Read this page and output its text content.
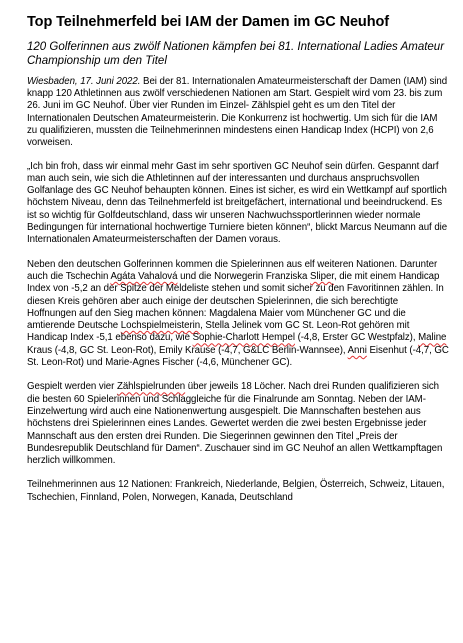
Top Teilnehmerfeld bei IAM der Damen im GC Neuhof

120 Golferinnen aus zwölf Nationen kämpfen bei 81. International Ladies Amateur Championship um den Titel

Wiesbaden, 17. Juni 2022. Bei der 81. Internationalen Amateurmeisterschaft der Damen (IAM) sind knapp 120 Athletinnen aus zwölf verschiedenen Nationen am Start. Gespielt wird vom 23. bis zum 26. Juni im GC Neuhof. Über vier Runden im Einzel- Zählspiel geht es um den Titel der Internationalen Deutschen Amateurmeisterin. Die Konkurrenz ist hochwertig. Um sich für die IAM zu qualifizieren, mussten die Teilnehmerinnen mindestens einen Handicap Index (HCPI) von 2,6 vorweisen.

„Ich bin froh, dass wir einmal mehr Gast im sehr sportiven GC Neuhof sein dürfen. Gespannt darf man auch sein, wie sich die Athletinnen auf der interessanten und durchaus anspruchsvollen Golfanlage des GC Neuhof behaupten können. Eines ist sicher, es wird ein Wettkampf auf sportlich höchstem Niveau, denn das Teilnehmerfeld ist breitgefächert, international und beeindruckend. Es ist so wichtig für Golfdeutschland, dass wir unseren Nachwuchssportlerinnen wieder normale Bedingungen für international hochwertige Turniere bieten können“, blickt Marcus Neumann auf die Internationalen Amateurmeisterschaften der Damen voraus.

Neben den deutschen Golferinnen kommen die Spielerinnen aus elf weiteren Nationen. Darunter auch die Tschechin Agáta Vahalová und die Norwegerin Franziska Sliper, die mit einem Handicap Index von -5,2 an der Spitze der Meldeliste stehen und somit sicher zu den Favoritinnen zählen. In diesen Kreis gehören aber auch einige der deutschen Spielerinnen, die sich berechtigte Hoffnungen auf den Sieg machen können: Magdalena Maier vom Münchener GC und die amtierende Deutsche Lochspielmeisterin, Stella Jelinek vom GC St. Leon-Rot gehören mit Handicap Index -5,1 ebenso dazu, wie Sophie-Charlott Hempel (-4,8, Erster GC Westpfalz), Maline Kraus (-4,8, GC St. Leon-Rot), Emily Krause (-4,7, G&LC Berlin-Wannsee), Anni Eisenhut (-4,7, GC St. Leon-Rot) und Marie-Agnes Fischer (-4,6, Münchener GC).

Gespielt werden vier Zählspielrunden über jeweils 18 Löcher. Nach drei Runden qualifizieren sich die besten 60 Spielerinnen und Schlaggleiche für die Finalrunde am Sonntag. Neben der IAM-Einzelwertung wird auch eine Nationenwertung ausgespielt. Die Mannschaften bestehen aus höchstens drei Spielerinnen eines Landes. Gewertet werden die zwei besten Ergebnisse jeder Mannschaft aus den ersten drei Runden. Die Siegerinnen gewinnen den Titel „Preis der Bundesrepublik Deutschland für Damen“. Zuschauer sind im GC Neuhof an allen Wettkampftagen herzlich willkommen.

Teilnehmerinnen aus 12 Nationen: Frankreich, Niederlande, Belgien, Österreich, Schweiz, Litauen, Tschechien, Finnland, Polen, Norwegen, Kanada, Deutschland
